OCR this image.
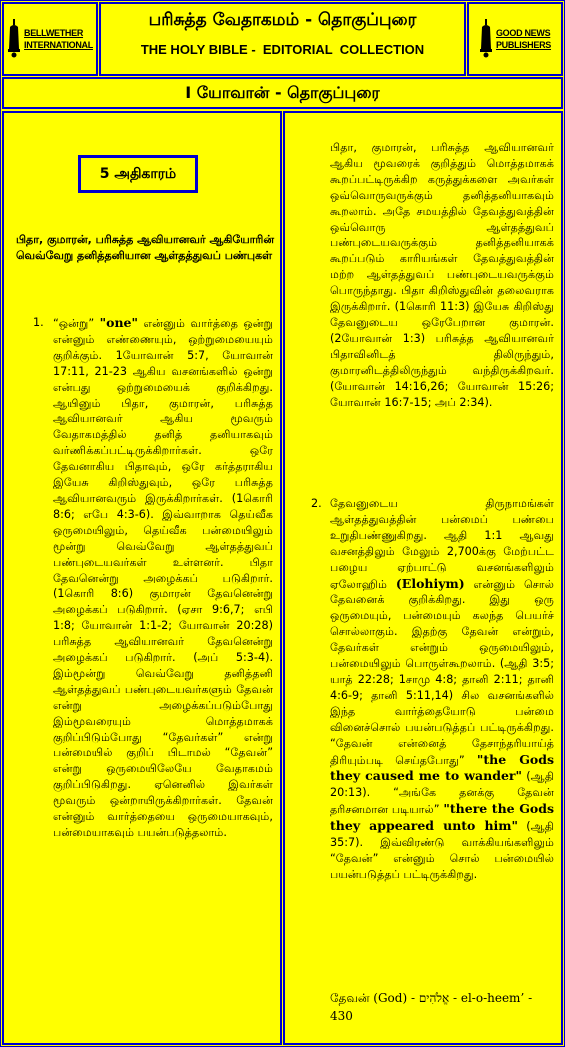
BELLWETHER
INTERNATIONAL
பரிசுத்த வேதாகமம் - தொகுப்புரை
THE HOLY BIBLE -  EDITORIAL  COLLECTION
GOOD NEWS
PUBLISHERS
I யோவான் - தொகுப்புரை
5 அதிகாரம்
பிதா, குமாரன், பரிசுத்த ஆவியானவர் ஆகியோரின் வெவ்வேறு தனித்தனியான ஆள்தத்துவப் பண்புகள்
1. “ஒன்று” "one" என்னும் வார்த்தை ஒன்று என்னும் எண்ணையும், ஒற்றுமையையும் குறிக்கும். 1யோவான் 5:7, யோவான் 17:11, 21-23 ஆகிய வசனங்களில் ஒன்று என்பது ஒற்றுமையைக் குறிக்கிறது. ஆயினும் பிதா, குமாரன், பரிசுத்த ஆவியானவர் ஆகிய மூவரும் வேதாகமத்தில் தனித் தனியாகவும் வர்ணிக்கப்பட்டிருக்கிறார்கள். ஒரே தேவனாகிய பிதாவும், ஒரே கர்த்தராகிய இயேசு கிறிஸ்துவும், ஒரே பரிசுத்த ஆவியானவரும் இருக்கிறார்கள். (1கொரி 8:6; எபே 4:3-6). இவ்வாறாக தெய்வீக ஒருமையிலும், தெய்வீக பன்மையிலும் மூன்று வெவ்வேறு ஆள்தத்துவப் பண்புடையவர்கள் உள்ளனர். பிதா தேவனென்று அழைக்கப் படுகிறார். (1கொரி 8:6) குமாரன் தேவனென்று அழைக்கப் படுகிறார். (ஏசா 9:6,7; எபி 1:8; யோவான் 1:1-2; யோவான் 20:28) பரிசுத்த ஆவியானவர் தேவனென்று அழைக்கப் படுகிறார். (அப் 5:3-4). இம்மூன்று வெவ்வேறு தனித்தனி ஆள்தத்துவப் பண்புடையவர்களும் தேவன் என்று அழைக்கப்படும்போது இம்மூவரையும் மொத்தமாகக் குறிப்பிடும்போது “தேவர்கள்” என்று பன்மையில் குறிப் பிடாமல் “தேவன்” என்று ஒருமையிலேயே வேதாகமம் குறிப்பிடுகிறது. ஏனெனில் இவர்கள் மூவரும் ஒன்றாயிருக்கிறார்கள். தேவன் என்னும் வார்த்தையை ஒருமையாகவும், பன்மையாகவும் பயன்படுத்தலாம்.
பிதா, குமாரன், பரிசுத்த ஆவியானவர் ஆகிய மூவரைக் குறித்தும் மொத்தமாகக் கூறப்பட்டிருக்கிற கருத்துக்களை அவர்கள் ஒவ்வொருவருக்கும் தனித்தனியாகவும் கூறலாம். அதே சமயத்தில் தேவத்துவத்தின் ஒவ்வொரு ஆள்தத்துவப் பண்புடையவருக்கும் தனித்தனியாகக் கூறப்படும் காரியங்கள் தேவத்துவத்தின் மற்ற ஆள்தத்துவப் பண்புடையவருக்கும் பொருந்தாது. பிதா கிறிஸ்துவின் தலைவராக இருக்கிறார். (1கொரி 11:3) இயேசு கிறிஸ்து தேவனுடைய ஒரேபேறான குமாரன். (2யோவான் 1:3) பரிசுத்த ஆவியானவர் பிதாவினிடத் திலிருந்தும், குமாரனிடத்திலிருந்தும் வந்திருக்கிறவர். (யோவான் 14:16,26; யோவான் 15:26; யோவான் 16:7-15; அப் 2:34).
2. தேவனுடைய திருநாமங்கள் ஆள்தத்துவத்தின் பன்மைப் பண்பை உறுதிபண்ணுகிறது. ஆதி 1:1 ஆவது வசனத்திலும் மேலும் 2,700க்கு மேற்பட்ட பழைய ஏற்பாட்டு வசனங்களிலும் ஏலோஹிம் (Elohiym) என்னும் சொல் தேவனைக் குறிக்கிறது. இது ஒரு ஒருமையும், பன்மையும் கலந்த பெயர்ச் சொல்லாகும். இதற்கு தேவன் என்றும், தேவர்கள் என்றும் ஒருமையிலும், பன்மையிலும் பொருள்கூறலாம். (ஆதி 3:5; யாத் 22:28; 1சாமு 4:8; தானி 2:11; தானி 4:6-9; தானி 5:11,14) சில வசனங்களில் இந்த வார்த்தையோடு பன்மை வினைச்சொல் பயன்படுத்தப் பட்டிருக்கிறது. “தேவன் என்னைத் தேசாந்தரியாய்த் திரியும்படி செய்தபோது” "the Gods they caused me to wander" (ஆதி 20:13). “அங்கே தனக்கு தேவன் தரிசனமான படியால்” "there the Gods they appeared unto him" (ஆதி 35:7). இவ்விரண்டு வாக்கியங்களிலும் “தேவன்” என்னும் சொல் பன்மையில் பயன்படுத்தப் பட்டிருக்கிறது.
தேவன் (God) - אֱלֹהִים - el-o-heem’ -
430
